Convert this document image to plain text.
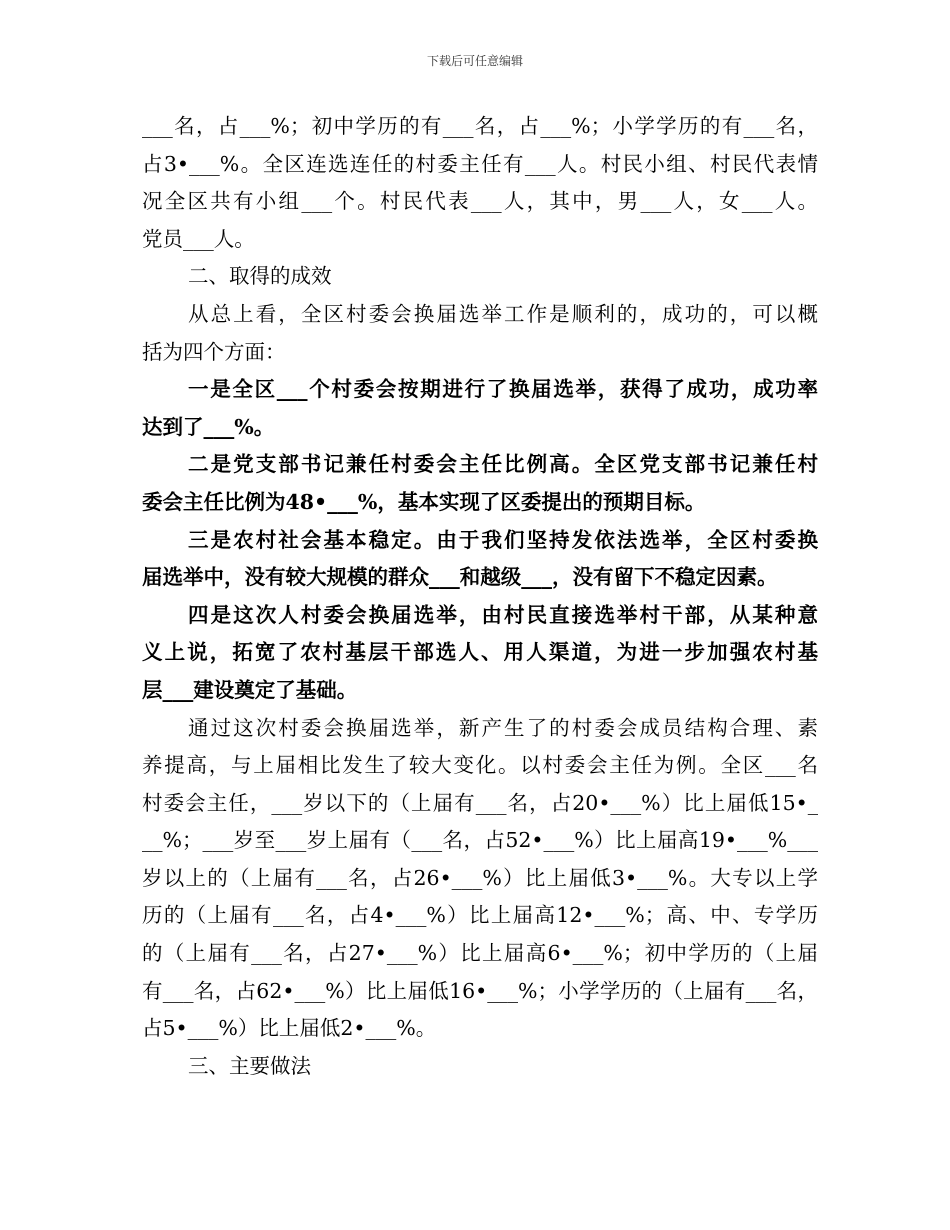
下载后可任意编辑
___名，占___%；初中学历的有___名，占___%；小学学历的有___名，
占3•___%。全区连选连任的村委主任有___人。村民小组、村民代表情
况全区共有小组___个。村民代表___人，其中，男___人，女___人。
党员___人。
二、取得的成效
从总上看，全区村委会换届选举工作是顺利的，成功的，可以概
括为四个方面：
一是全区___个村委会按期进行了换届选举，获得了成功，成功率
达到了___%。
二是党支部书记兼任村委会主任比例高。全区党支部书记兼任村
委会主任比例为48•___%，基本实现了区委提出的预期目标。
三是农村社会基本稳定。由于我们坚持发依法选举，全区村委换
届选举中，没有较大规模的群众___和越级___，没有留下不稳定因素。
四是这次人村委会换届选举，由村民直接选举村干部，从某种意
义上说，拓宽了农村基层干部选人、用人渠道，为进一步加强农村基
层___建设奠定了基础。
通过这次村委会换届选举，新产生了的村委会成员结构合理、素
养提高，与上届相比发生了较大变化。以村委会主任为例。全区___名
村委会主任，___岁以下的（上届有___名，占20•___%）比上届低15•_
__%；___岁至___岁上届有（___名，占52•___%）比上届高19•___%___
岁以上的（上届有___名，占26•___%）比上届低3•___%。大专以上学
历的（上届有___名，占4•___%）比上届高12•___%；高、中、专学历
的（上届有___名，占27•___%）比上届高6•___%；初中学历的（上届
有___名，占62•___%）比上届低16•___%；小学学历的（上届有___名，
占5•___%）比上届低2•___%。
三、主要做法
